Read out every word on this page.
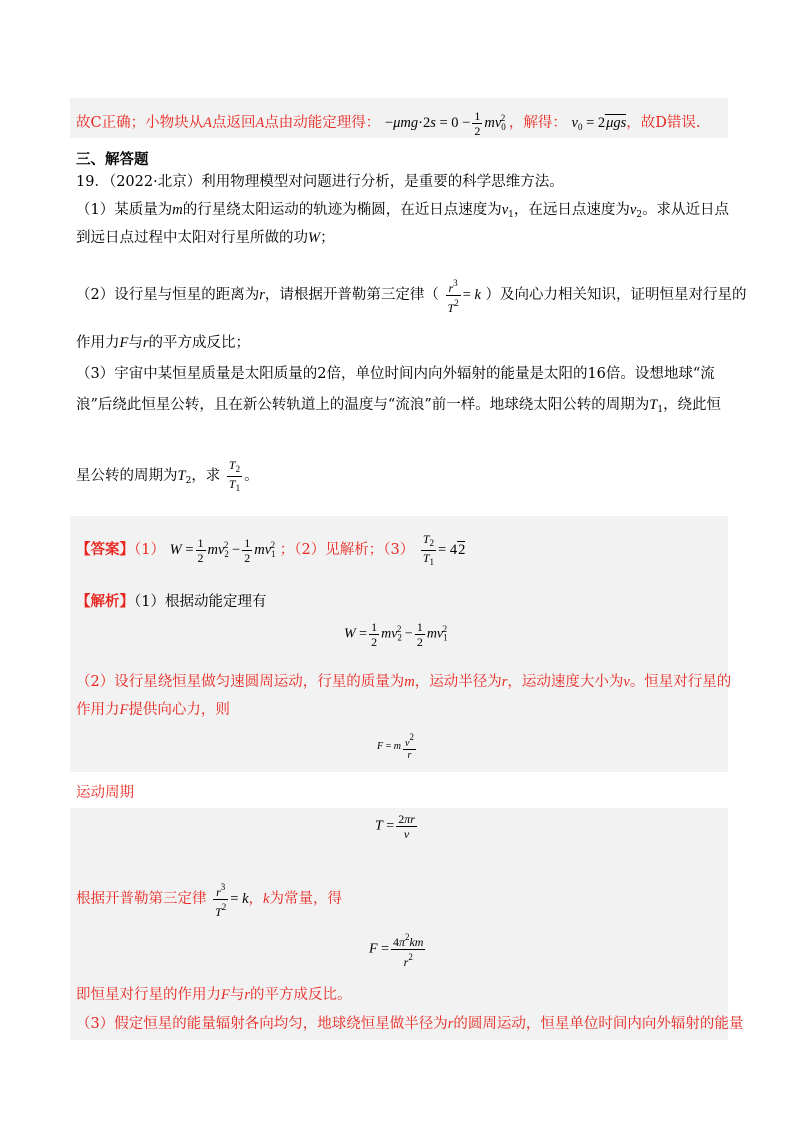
故C正确；小物块从A点返回A点由动能定理得： $-\mu mg\cdot 2s = 0 - \frac{1}{2} mv_0^2$ ，解得： $v_0 = 2\mu gs$，故D错误.
三、解答题
19．（2022·北京）利用物理模型对问题进行分析，是重要的科学思维方法。
（1）某质量为m的行星绕太阳运动的轨迹为椭圆，在近日点速度为$v_1$，在远日点速度为$v_2$。求从近日点
到远日点过程中太阳对行星所做的功W；
（2）设行星与恒星的距离为r，请根据开普勒第三定律（ $\frac{r^3}{T^2} = k$ ）及向心力相关知识，证明恒星对行星的
作用力F与r的平方成反比；
（3）宇宙中某恒星质量是太阳质量的2倍，单位时间内向外辐射的能量是太阳的16倍。设想地球“流
浪”后绕此恒星公转，且在新公转轨道上的温度与“流浪”前一样。地球绕太阳公转的周期为$T_1$，绕此恒
星公转的周期为$T_2$，求 $\frac{T_2}{T_1}$ 。
【答案】（1） $W = \frac{1}{2} mv_2^2 - \frac{1}{2} mv_1^2$ ；（2）见解析；$(3) \frac{T_2}{T_1} = 42$
【解析】（1）根据动能定理有
$W = \frac{1}{2} mv_2^2 - \frac{1}{2} mv_1^2$
（2）设行星绕恒星做匀速圆周运动，行星的质量为m，运动半径为r，运动速度大小为v。恒星对行星的
作用力F提供向心力，则
F = m $\frac{v2}{r}$
运动周期
$T = \frac{2\pi r}{v}$
根据开普勒第三定律 $\frac{r^3}{T^2} = k$，k为常量，得
$F = \frac{4\pi^2km}{r^2}$
即恒星对行星的作用力F与r的平方成反比。
（3）假定恒星的能量辐射各向均匀，地球绕恒星做半径为r的圆周运动，恒星单位时间内向外辐射的能量
